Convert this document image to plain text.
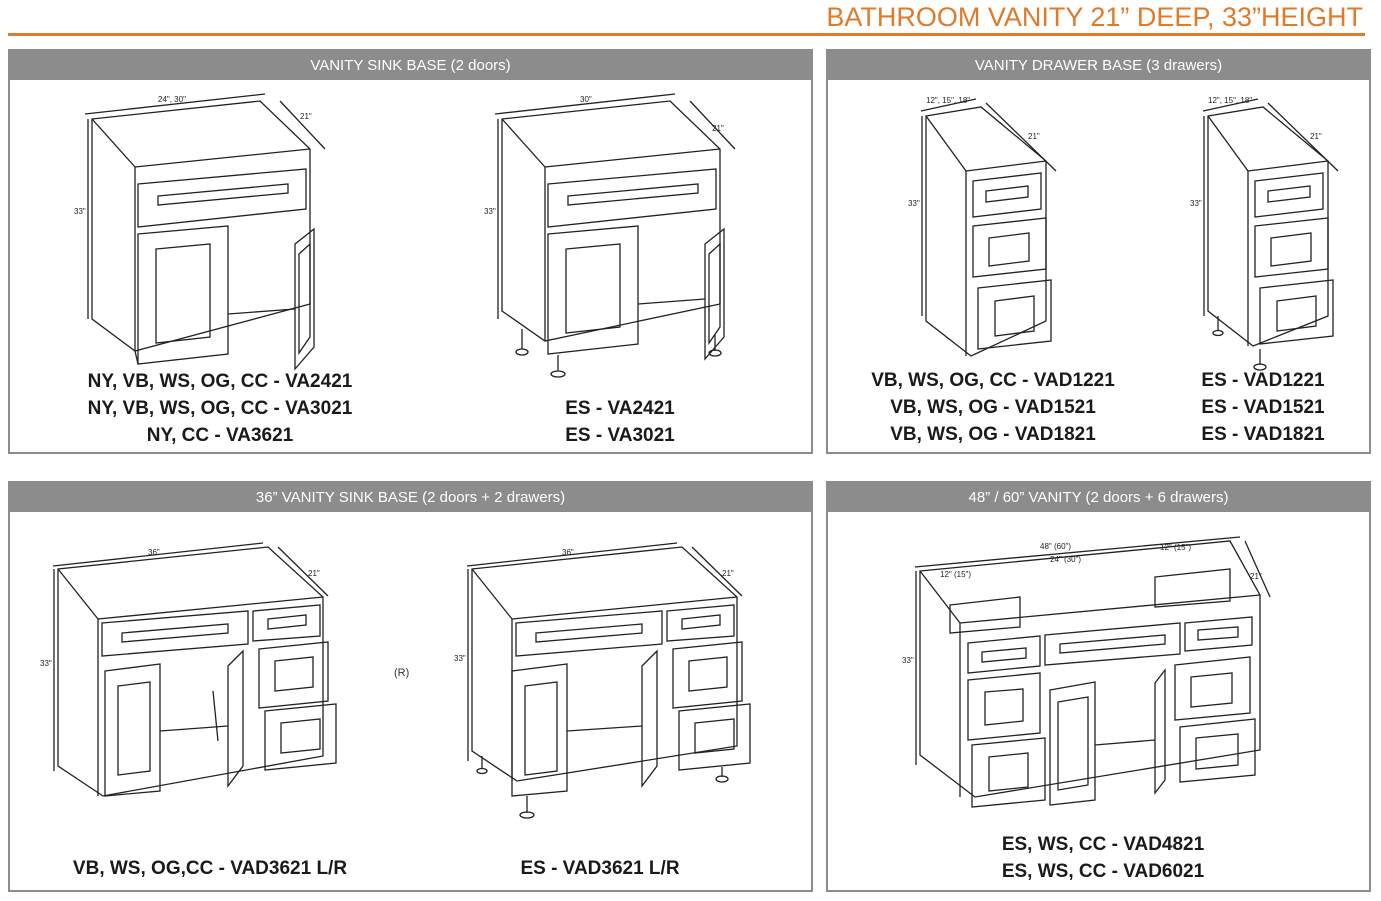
BATHROOM VANITY 21” DEEP, 33”HEIGHT
VANITY SINK BASE (2 doors)
24", 30"
21"
33"
30"
21"
33"
NY, VB, WS, OG, CC - VA2421
NY, VB, WS, OG, CC - VA3021
NY, CC - VA3621
ES - VA2421
ES - VA3021
VANITY DRAWER BASE (3 drawers)
12", 15", 18"
21"
33"
12", 15", 18"
21"
33"
VB, WS, OG, CC - VAD1221
VB, WS, OG - VAD1521
VB, WS, OG - VAD1821
ES - VAD1221
ES - VAD1521
ES - VAD1821
36” VANITY SINK BASE (2 doors + 2 drawers)
36"
21"
33"
(R)
36"
21"
33"
VB, WS, OG,CC - VAD3621 L/R	ES - VAD3621 L/R
48” / 60” VANITY (2 doors + 6 drawers)
48" (60")
24" (30")
12" (15")
12" (15")
21"
33"
ES, WS, CC - VAD4821
ES, WS, CC - VAD6021
